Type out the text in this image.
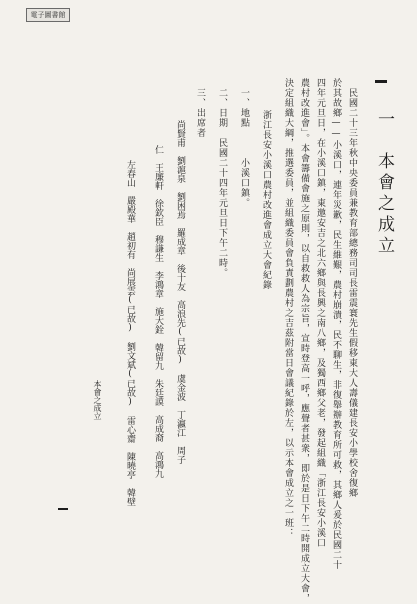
電子圖書館
一　本會之成立
民國二十三年秋中央委員兼教育部總務司司長雷震寰先生假移東大人壽儀建長安小學校舍復鄉
於其故鄉——小溪口，連年災歉，民生維艱，農村崩潰，民不聊生，非復舉辦教育所可救，其鄉人爰於民國二十
四年元旦日，在小溪口鎮，東邀安吉之北六鄉與長興之南八鄉，及獨西鄉父老，發起組織「浙江長安小溪口
農村改進會」。本會籌備會施之原則，以自救救人為宗旨，宣時登高一呼，應聲者甚衆，即於是日下午二時開成立大會，
決定組織大綱，推選委員，並組織委員會負責劃農村之吉茲附當日會議紀錄於左，以示本會成立之一班：
浙江長安小溪口農村改進會成立大會紀錄
一、地點
小溪口鎮。
二、日期
民國二十四年元旦日下午二時。
三、出席者
尚賢甫　劉滬泉　劉困焉　羅成章　後十友　高浪先(已故)　虞金波　丁瀛江　周子
仁　王廉軒　徐欽臣　穆謙生　李鴻章　施大銓　韓留九　朱廷謨　高成裔　高鴻九
左春山　嚴殿華　趙初有　尚展雲(已故)　劉文斌(已故)　雷心齋　陳曉亭　韓壁
本會之成立
